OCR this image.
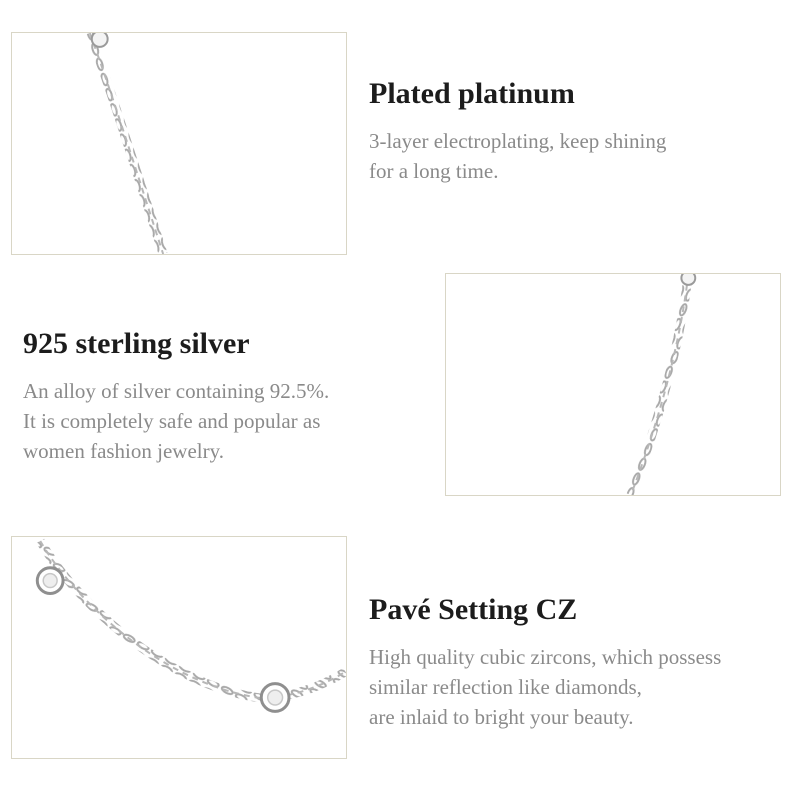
Plated platinum

3-layer electroplating, keep shining
for a long time.

925 sterling silver

An alloy of silver containing 92.5%.
It is completely safe and popular as
women fashion jewelry.

Pavé Setting CZ

High quality cubic zircons, which possess
similar reflection like diamonds,
are inlaid to bright your beauty.
